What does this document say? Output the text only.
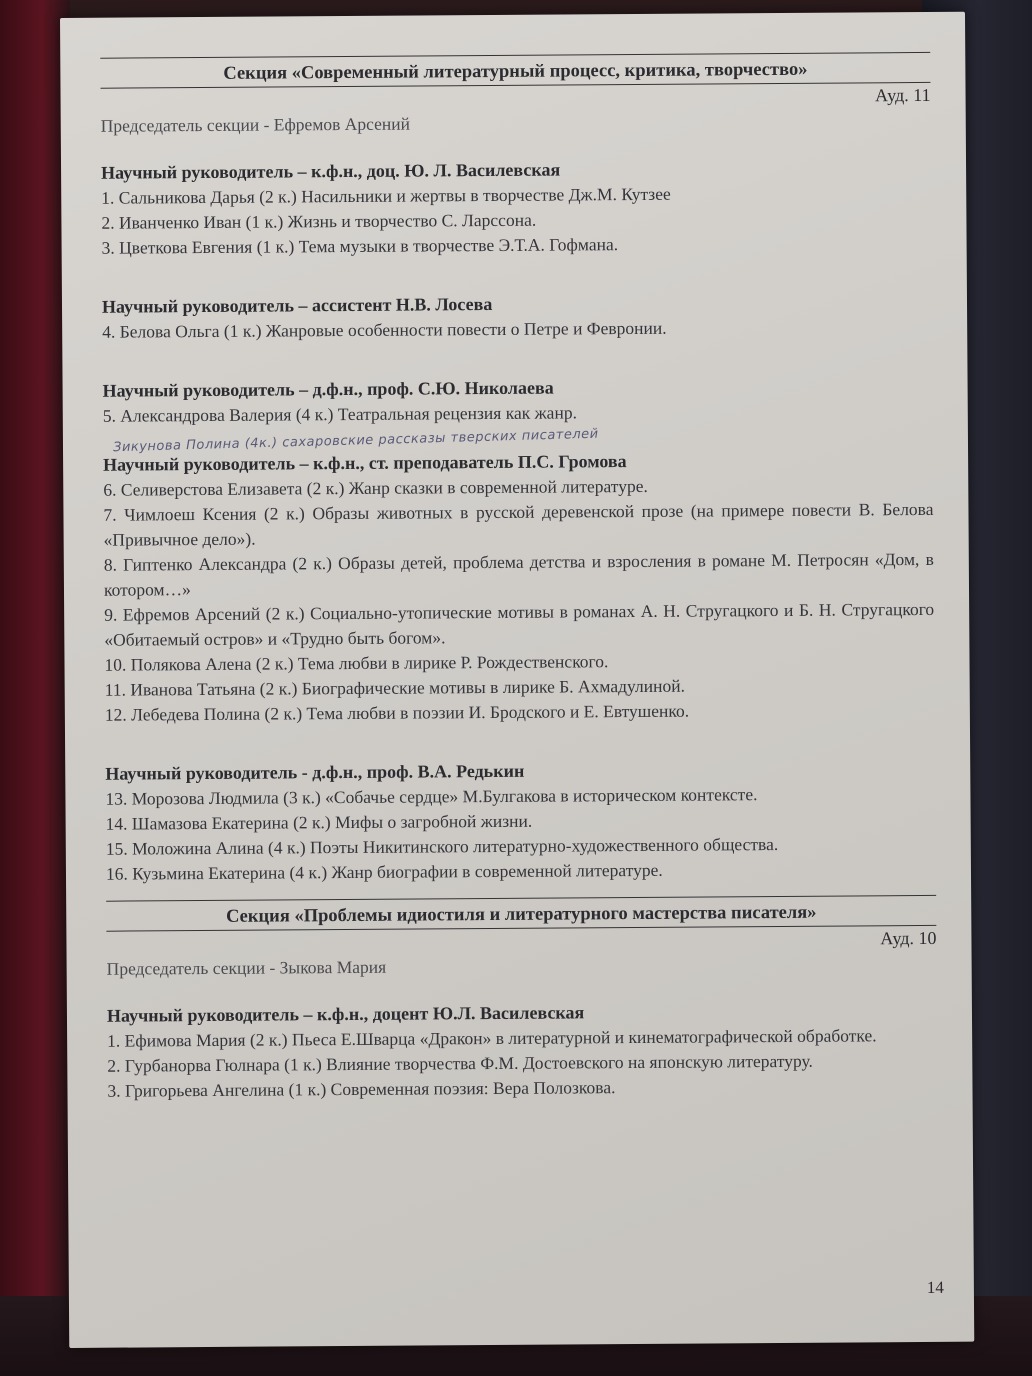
Секция «Современный литературный процесс, критика, творчество»
Ауд. 11
Председатель секции - Ефремов Арсений
Научный руководитель – к.ф.н., доц. Ю. Л. Василевская
1. Сальникова Дарья (2 к.) Насильники и жертвы в творчестве Дж.М. Кутзее
2. Иванченко Иван (1 к.) Жизнь и творчество С. Ларссона.
3. Цветкова Евгения (1 к.) Тема музыки в творчестве Э.Т.А. Гофмана.
Научный руководитель – ассистент Н.В. Лосева
4. Белова Ольга (1 к.) Жанровые особенности повести о Петре и Февронии.
Научный руководитель – д.ф.н., проф. С.Ю. Николаева
5. Александрова Валерия (4 к.) Театральная рецензия как жанр.
Зикунова Полина (4к.) сахаровские рассказы тверских писателей
Научный руководитель – к.ф.н., ст. преподаватель П.С. Громова
6. Селиверстова Елизавета (2 к.) Жанр сказки в современной литературе.
7. Чимлоеш Ксения (2 к.) Образы животных в русской деревенской прозе (на примере повести В. Белова «Привычное дело»).
8. Гиптенко Александра (2 к.) Образы детей, проблема детства и взросления в романе М. Петросян «Дом, в котором…»
9. Ефремов Арсений (2 к.) Социально-утопические мотивы в романах А. Н. Стругацкого и Б. Н. Стругацкого «Обитаемый остров» и «Трудно быть богом».
10. Полякова Алена (2 к.) Тема любви в лирике Р. Рождественского.
11. Иванова Татьяна (2 к.) Биографические мотивы в лирике Б. Ахмадулиной.
12. Лебедева Полина (2 к.) Тема любви в поэзии И. Бродского и Е. Евтушенко.
Научный руководитель - д.ф.н., проф. В.А. Редькин
13. Морозова Людмила (3 к.) «Собачье сердце» М.Булгакова в историческом контексте.
14. Шамазова Екатерина (2 к.) Мифы о загробной жизни.
15. Моложина Алина (4 к.) Поэты Никитинского литературно-художественного общества.
16. Кузьмина Екатерина (4 к.) Жанр биографии в современной литературе.
Секция «Проблемы идиостиля и литературного мастерства писателя»
Ауд. 10
Председатель секции - Зыкова Мария
Научный руководитель – к.ф.н., доцент Ю.Л. Василевская
1. Ефимова Мария (2 к.) Пьеса Е.Шварца «Дракон» в литературной и кинематографической обработке.
2. Гурбанорва Гюлнара (1 к.) Влияние творчества Ф.М. Достоевского на японскую литературу.
3. Григорьева Ангелина (1 к.) Современная поэзия: Вера Полозкова.
14
